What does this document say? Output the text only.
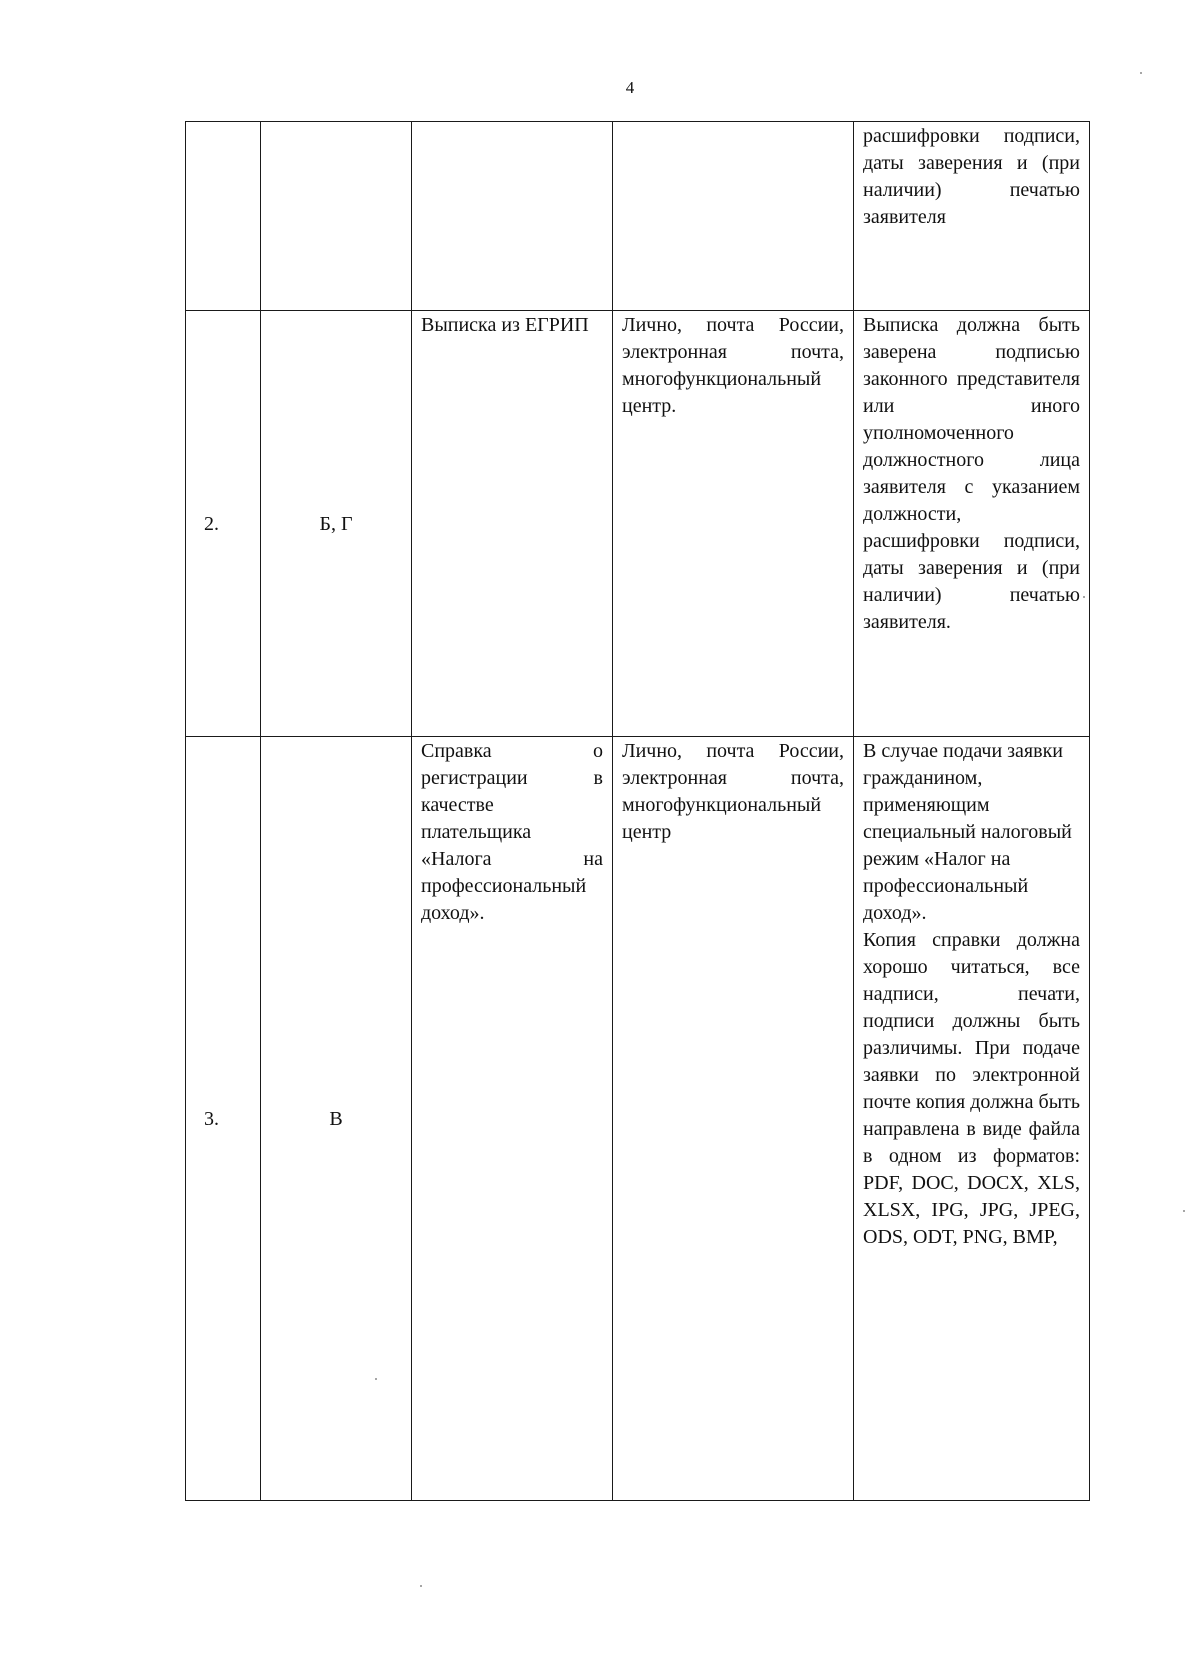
4
				расшифровки подписи, даты заверения и (при наличии) печатью заявителя
2.	Б, Г	Выписка из ЕГРИП	Лично, почта России, электронная почта, многофункциональный центр.	Выписка должна быть заверена подписью законного представителя или иного уполномоченного должностного лица заявителя с указанием должности, расшифровки подписи, даты заверения и (при наличии) печатью заявителя.
3.	В	Справка о регистрации в качестве плательщика «Налога на профессиональный доход».	Лично, почта России, электронная почта, многофункциональный центр	В случае подачи заявки гражданином, применяющим специальный налоговый режим «Налог на профессиональный доход».
Копия справки должна хорошо читаться, все надписи, печати, подписи должны быть различимы. При подаче заявки по электронной почте копия должна быть направлена в виде файла в одном из форматов: PDF, DOC, DOCX, XLS, XLSX, IPG, JPG, JPEG, ODS, ODT, PNG, BMP,
